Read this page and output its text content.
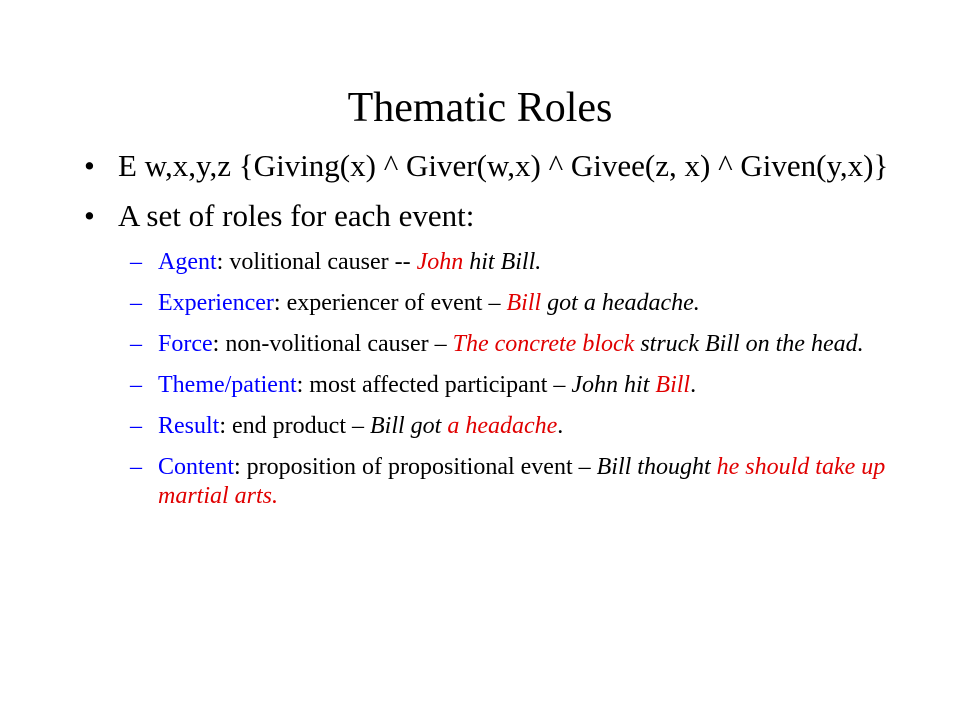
Thematic Roles
• E w,x,y,z {Giving(x) ^ Giver(w,x) ^ Givee(z, x) ^ Given(y,x)}
• A set of roles for each event:
– Agent: volitional causer -- John hit Bill.
– Experiencer: experiencer of event – Bill got a headache.
– Force: non-volitional causer – The concrete block struck Bill on the head.
– Theme/patient: most affected participant – John hit Bill.
– Result: end product – Bill got a headache.
– Content: proposition of propositional event – Bill thought he should take up martial arts.
